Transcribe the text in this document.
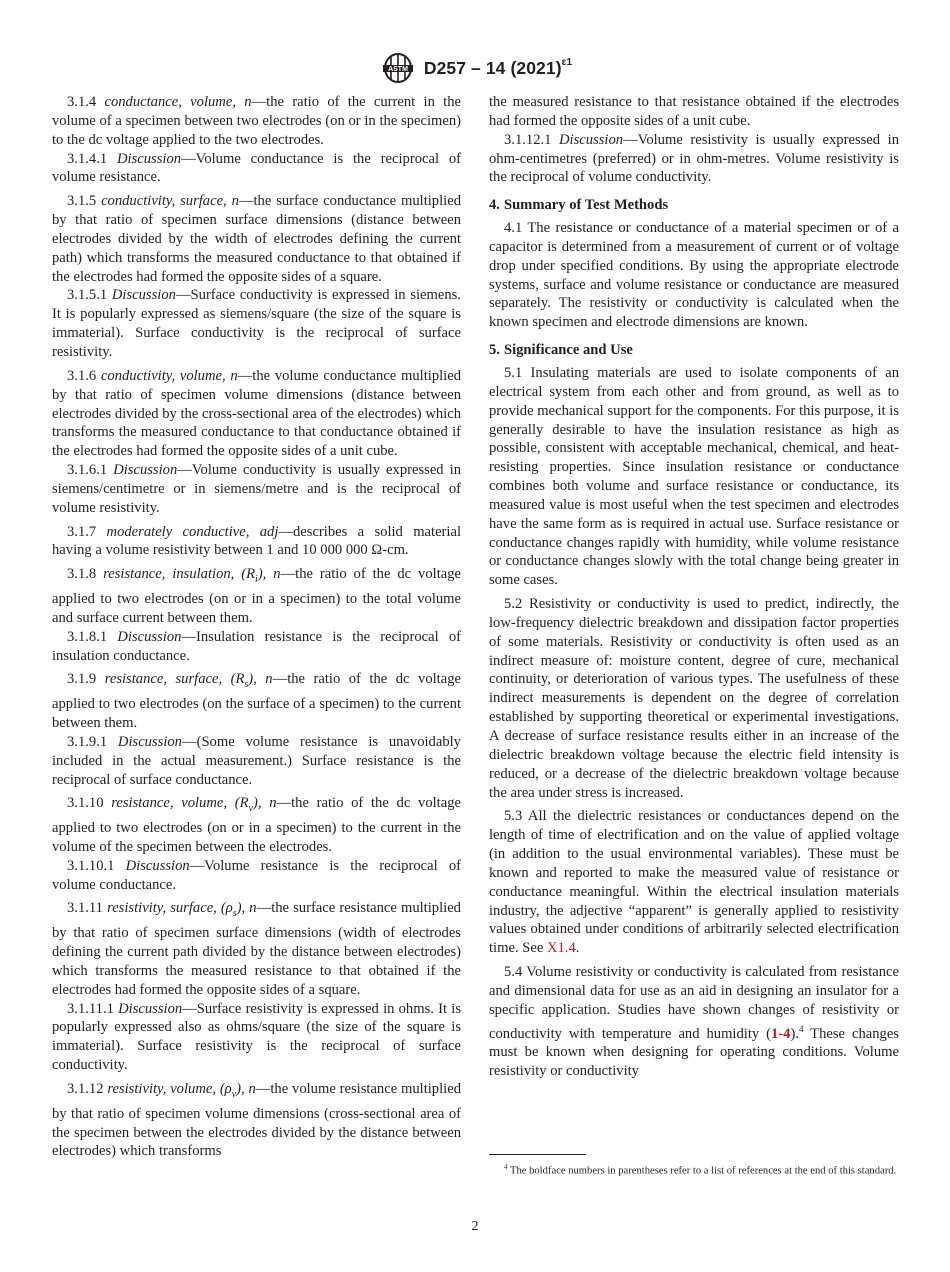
ASTM D257 – 14 $(2021)^{\varepsilon 1}$

3.1.4 conductance, volume, n—the ratio of the current in the volume of a specimen between two electrodes (on or in the specimen) to the dc voltage applied to the two electrodes.

3.1.4.1 Discussion—Volume conductance is the reciprocal of volume resistance.

3.1.5 conductivity, surface, n—the surface conductance multiplied by that ratio of specimen surface dimensions (distance between electrodes divided by the width of electrodes defining the current path) which transforms the measured conductance to that obtained if the electrodes had formed the opposite sides of a square.

3.1.5.1 Discussion—Surface conductivity is expressed in siemens. It is popularly expressed as siemens/square (the size of the square is immaterial). Surface conductivity is the reciprocal of surface resistivity.

3.1.6 conductivity, volume, n—the volume conductance multiplied by that ratio of specimen volume dimensions (distance between electrodes divided by the cross-sectional area of the electrodes) which transforms the measured conductance to that conductance obtained if the electrodes had formed the opposite sides of a unit cube.

3.1.6.1 Discussion—Volume conductivity is usually expressed in siemens/centimetre or in siemens/metre and is the reciprocal of volume resistivity.

3.1.7 moderately conductive, adj—describes a solid material having a volume resistivity between 1 and 10 000 000 Ω-cm.

3.1.8 resistance, insulation, $(R_i)$, n—the ratio of the dc voltage applied to two electrodes (on or in a specimen) to the total volume and surface current between them.

3.1.8.1 Discussion—Insulation resistance is the reciprocal of insulation conductance.

3.1.9 resistance, surface, $(R_s)$, n—the ratio of the dc voltage applied to two electrodes (on the surface of a specimen) to the current between them.

3.1.9.1 Discussion—(Some volume resistance is unavoidably included in the actual measurement.) Surface resistance is the reciprocal of surface conductance.

3.1.10 resistance, volume, $(R_v)$, n—the ratio of the dc voltage applied to two electrodes (on or in a specimen) to the current in the volume of the specimen between the electrodes.

3.1.10.1 Discussion—Volume resistance is the reciprocal of volume conductance.

3.1.11 resistivity, surface, $(\rho_s)$, n—the surface resistance multiplied by that ratio of specimen surface dimensions (width of electrodes defining the current path divided by the distance between electrodes) which transforms the measured resistance to that obtained if the electrodes had formed the opposite sides of a square.

3.1.11.1 Discussion—Surface resistivity is expressed in ohms. It is popularly expressed also as ohms/square (the size of the square is immaterial). Surface resistivity is the reciprocal of surface conductivity.

3.1.12 resistivity, volume, $(\rho_v)$, n—the volume resistance multiplied by that ratio of specimen volume dimensions (cross-sectional area of the specimen between the electrodes divided by the distance between electrodes) which transforms

the measured resistance to that resistance obtained if the electrodes had formed the opposite sides of a unit cube.

3.1.12.1 Discussion—Volume resistivity is usually expressed in ohm-centimetres (preferred) or in ohm-metres. Volume resistivity is the reciprocal of volume conductivity.

4. Summary of Test Methods

4.1 The resistance or conductance of a material specimen or of a capacitor is determined from a measurement of current or of voltage drop under specified conditions. By using the appropriate electrode systems, surface and volume resistance or conductance are measured separately. The resistivity or conductivity is calculated when the known specimen and electrode dimensions are known.

5. Significance and Use

5.1 Insulating materials are used to isolate components of an electrical system from each other and from ground, as well as to provide mechanical support for the components. For this purpose, it is generally desirable to have the insulation resistance as high as possible, consistent with acceptable mechanical, chemical, and heat-resisting properties. Since insulation resistance or conductance combines both volume and surface resistance or conductance, its measured value is most useful when the test specimen and electrodes have the same form as is required in actual use. Surface resistance or conductance changes rapidly with humidity, while volume resistance or conductance changes slowly with the total change being greater in some cases.

5.2 Resistivity or conductivity is used to predict, indirectly, the low-frequency dielectric breakdown and dissipation factor properties of some materials. Resistivity or conductivity is often used as an indirect measure of: moisture content, degree of cure, mechanical continuity, or deterioration of various types. The usefulness of these indirect measurements is dependent on the degree of correlation established by supporting theoretical or experimental investigations. A decrease of surface resistance results either in an increase of the dielectric breakdown voltage because the electric field intensity is reduced, or a decrease of the dielectric breakdown voltage because the area under stress is increased.

5.3 All the dielectric resistances or conductances depend on the length of time of electrification and on the value of applied voltage (in addition to the usual environmental variables). These must be known and reported to make the measured value of resistance or conductance meaningful. Within the electrical insulation materials industry, the adjective “apparent” is generally applied to resistivity values obtained under conditions of arbitrarily selected electrification time. See X1.4.

5.4 Volume resistivity or conductivity is calculated from resistance and dimensional data for use as an aid in designing an insulator for a specific application. Studies have shown changes of resistivity or conductivity with temperature and humidity (1-4).$^4$ These changes must be known when designing for operating conditions. Volume resistivity or conductivity

$^4$ The boldface numbers in parentheses refer to a list of references at the end of this standard.
2
